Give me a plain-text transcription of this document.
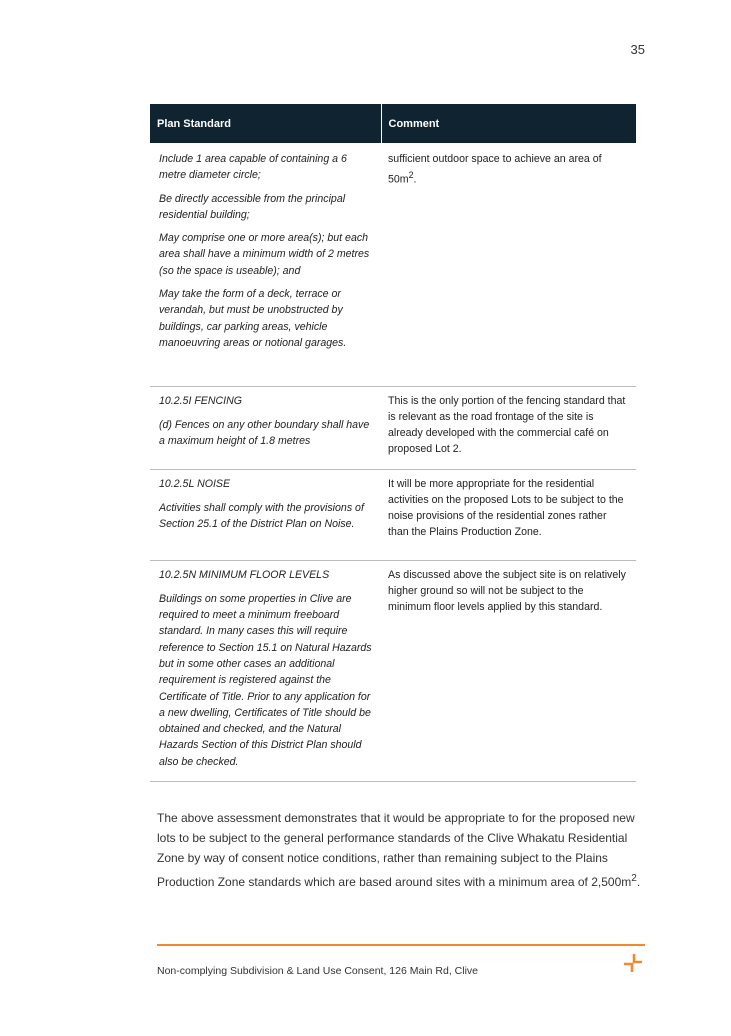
35
Plan Standard	Comment

Include 1 area capable of containing a 6 metre diameter circle;

Be directly accessible from the principal residential building;

May comprise one or more area(s); but each area shall have a minimum width of 2 metres (so the space is useable); and

May take the form of a deck, terrace or verandah, but must be unobstructed by buildings, car parking areas, vehicle manoeuvring areas or notional garages.	sufficient outdoor space to achieve an area of $50m^2$.

10.2.5I FENCING

(d) Fences on any other boundary shall have a maximum height of 1.8 metres	This is the only portion of the fencing standard that is relevant as the road frontage of the site is already developed with the commercial café on proposed Lot 2.

10.2.5L NOISE

Activities shall comply with the provisions of Section 25.1 of the District Plan on Noise.	It will be more appropriate for the residential activities on the proposed Lots to be subject to the noise provisions of the residential zones rather than the Plains Production Zone.

10.2.5N MINIMUM FLOOR LEVELS

Buildings on some properties in Clive are required to meet a minimum freeboard standard. In many cases this will require reference to Section 15.1 on Natural Hazards but in some other cases an additional requirement is registered against the Certificate of Title. Prior to any application for a new dwelling, Certificates of Title should be obtained and checked, and the Natural Hazards Section of this District Plan should also be checked.	As discussed above the subject site is on relatively higher ground so will not be subject to the minimum floor levels applied by this standard.

The above assessment demonstrates that it would be appropriate to for the proposed new lots to be subject to the general performance standards of the Clive Whakatu Residential Zone by way of consent notice conditions, rather than remaining subject to the Plains Production Zone standards which are based around sites with a minimum area of $2,500m^2$.

Non-complying Subdivision & Land Use Consent, 126 Main Rd, Clive
